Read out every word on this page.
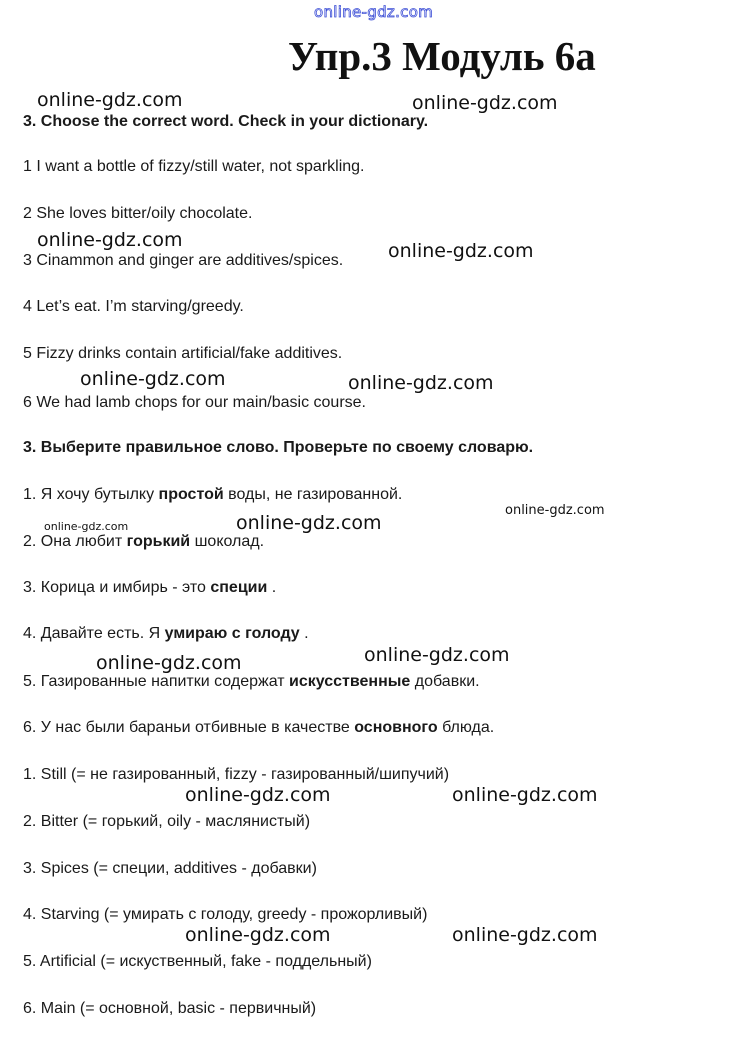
online-gdz.com
Упр.3 Модуль 6а
online-gdz.com	online-gdz.com
online-gdz.com	online-gdz.com
online-gdz.com	online-gdz.com
online-gdz.com	online-gdz.com
online-gdz.com
online-gdz.com	online-gdz.com
online-gdz.com	online-gdz.com
online-gdz.com	online-gdz.com
3. Choose the correct word. Check in your dictionary.
1 I want a bottle of fizzy/still water, not sparkling.
2 She loves bitter/oily chocolate.
3 Cinammon and ginger are additives/spices.
4 Let’s eat. I’m starving/greedy.
5 Fizzy drinks contain artificial/fake additives.
6 We had lamb chops for our main/basic course.
3. Выберите правильное слово. Проверьте по своему словарю.
1. Я хочу бутылку простой воды, не газированной.
2. Она любит горький шоколад.
3. Корица и имбирь - это специи .
4. Давайте есть. Я умираю с голоду .
5. Газированные напитки содержат искусственные добавки.
6. У нас были бараньи отбивные в качестве основного блюда.
1. Still (= не газированный, fizzy - газированный/шипучий)
2. Bitter (= горький, oily - маслянистый)
3. Spices (= специи, additives - добавки)
4. Starving (= умирать с голоду, greedy - прожорливый)
5. Artificial (= искуственный, fake - поддельный)
6. Main (= основной, basic - первичный)
